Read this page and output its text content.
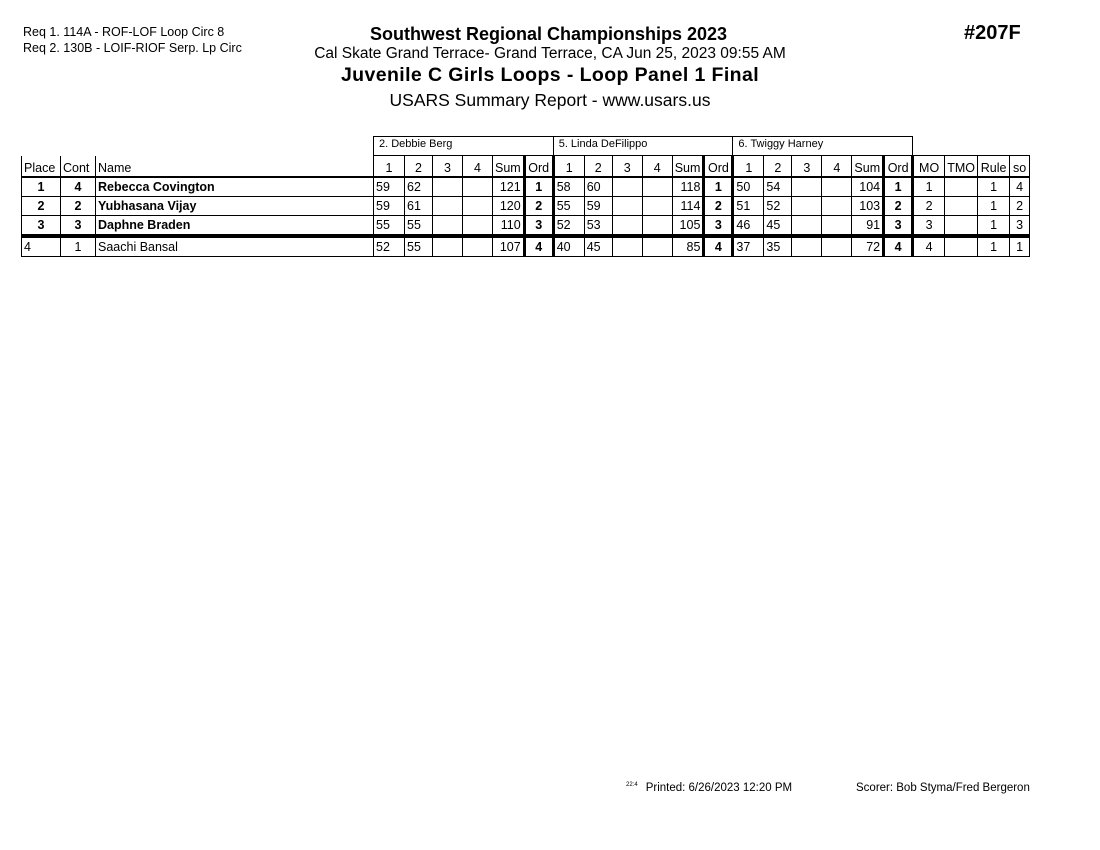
Req 1. 114A - ROF-LOF Loop Circ 8
Req 2. 130B - LOIF-RIOF Serp. Lp Circ
#207F
Southwest Regional Championships 2023
Cal Skate Grand Terrace- Grand Terrace, CA Jun 25, 2023 09:55 AM
Juvenile C Girls Loops - Loop Panel 1 Final
USARS Summary Report - www.usars.us
			2. Debbie Berg						5. Linda DeFilippo						6. Twiggy Harney									
Place	Cont	Name	1	2	3	4	Sum	Ord	1	2	3	4	Sum	Ord	1	2	3	4	Sum	Ord	MO	TMO	Rule	so
1	4	Rebecca Covington	59	62			121	1	58	60			118	1	50	54			104	1	1		1	4
2	2	Yubhasana Vijay	59	61			120	2	55	59			114	2	51	52			103	2	2		1	2
3	3	Daphne Braden	55	55			110	3	52	53			105	3	46	45			91	3	3		1	3
4	1	Saachi Bansal	52	55			107	4	40	45			85	4	37	35			72	4	4		1	1
$^{22:4}$ Printed: 6/26/2023 12:20 PM	Scorer: Bob Styma/Fred Bergeron
